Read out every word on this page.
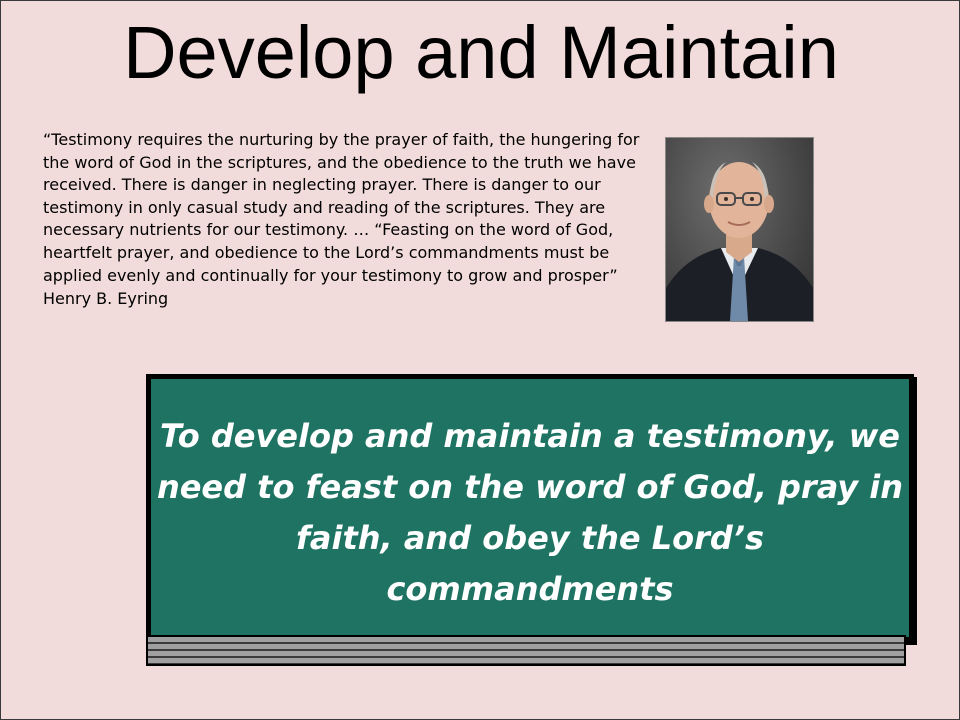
Develop and Maintain

“Testimony requires the nurturing by the prayer of faith, the hungering for the word of God in the scriptures, and the obedience to the truth we have received. There is danger in neglecting prayer. There is danger to our testimony in only casual study and reading of the scriptures. They are necessary nutrients for our testimony. … “Feasting on the word of God, heartfelt prayer, and obedience to the Lord’s commandments must be applied evenly and continually for your testimony to grow and prosper”

Henry B. Eyring

To develop and maintain a testimony, we need to feast on the word of God, pray in faith, and obey the Lord’s commandments
